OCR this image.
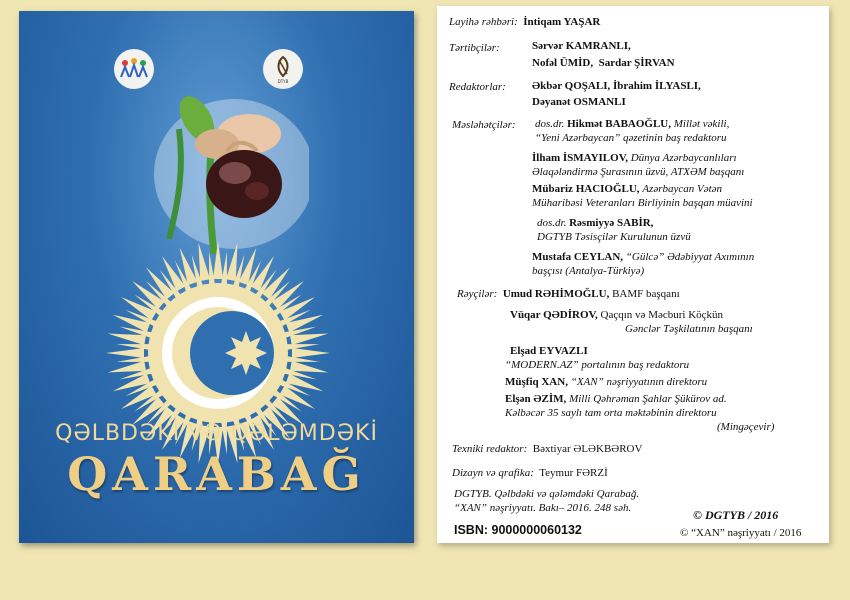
DTYB
QƏLBDƏKİ VƏ QƏLƏMDƏKİ
QARABAĞ
Layihə rəhbəri: İntiqam YAŞAR
Tərtibçilər:	Sərvər KAMRANLI,
Nofəl ÜMİD, Sardar ŞİRVAN
Redaktorlar: Əkbər QOŞALI, İbrahim İLYASLI,
Dəyanət OSMANLI
Məsləhətçilər: dos.dr. Hikmət BABAOĞLU, Millət vəkili,
“Yeni Azərbaycan” qəzetinin baş redaktoru
İlham İSMAYILOV, Dünya Azərbaycanlıları
Əlaqələndirmə Şurasının üzvü, ATXƏM başqanı
Mübariz HACIOĞLU, Azərbaycan Vətən
Müharibəsi Veteranları Birliyinin başqan müavini
dos.dr. Rəsmiyyə SABİR,
DGTYB Təsisçilər Kurulunun üzvü
Mustafa CEYLAN, “Gülcə” Ədəbiyyat Axımının
başçısı (Antalya-Türkiyə)
Rəyçilər: Umud RƏHİMOĞLU, BAMF başqanı
Vüqar QƏDİROV, Qaçqın və Məcburi Köçkün
Gənclər Təşkilatının başqanı
Elşad EYVAZLI
“MODERN.AZ” portalının baş redaktoru
Müşfiq XAN, “XAN” nəşriyyatının direktoru
Elşən ƏZİM, Milli Qəhrəman Şahlar Şükürov ad.
Kəlbəcər 35 saylı tam orta məktəbinin direktoru
(Mingəçevir)
Texniki redaktor: Bəxtiyar ƏLƏKBƏROV
Dizayn və qrafika: Teymur FƏRZİ
DGTYB. Qəlbdəki və qələmdəki Qarabağ.
“XAN” nəşriyyatı. Bakı– 2016. 248 səh.
ISBN: 9000000060132
© DGTYB / 2016
© “XAN” nəşriyyatı / 2016
